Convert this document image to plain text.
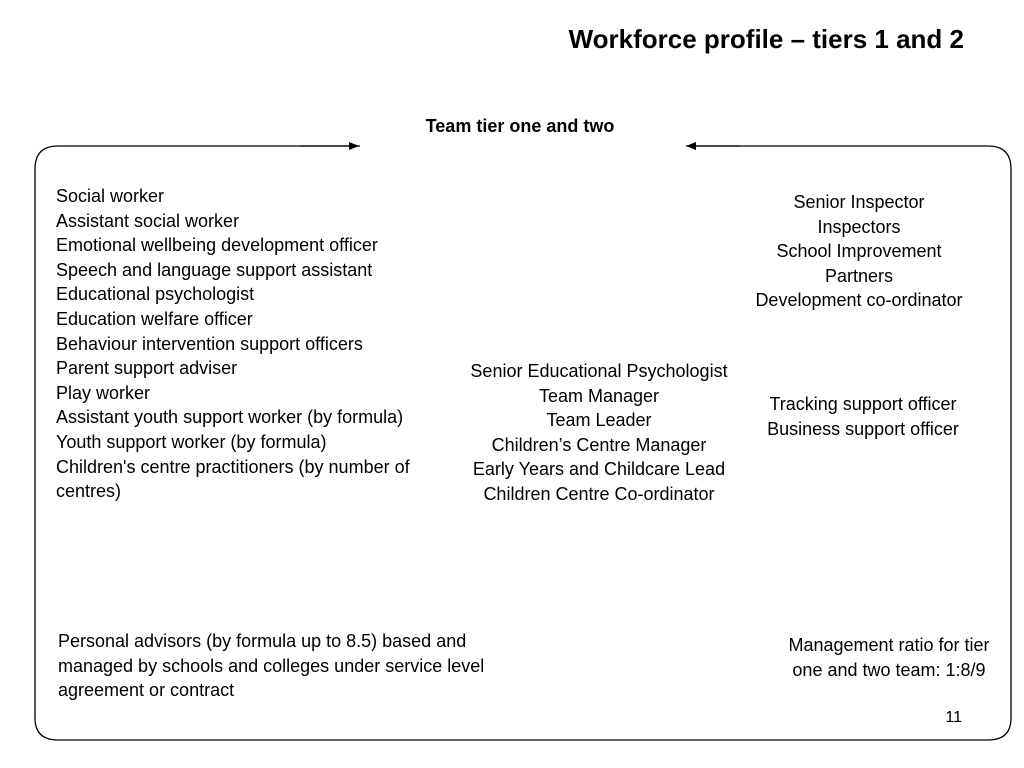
Workforce profile – tiers 1 and 2
Team tier one and two
Social worker
Assistant social worker
Emotional wellbeing development officer
Speech and language support assistant
Educational psychologist
Education welfare officer
Behaviour intervention support officers
Parent support adviser
Play worker
Assistant youth support worker (by formula)
Youth support worker (by formula)
Children's centre practitioners (by number of centres)
Senior Educational Psychologist
Team Manager
Team Leader
Children’s Centre Manager
Early Years and Childcare Lead
Children Centre Co-ordinator
Senior Inspector
Inspectors
School Improvement Partners
Development co-ordinator
Tracking support officer
Business support officer
Personal advisors (by formula up to 8.5) based and managed by schools and colleges under service level agreement or contract
Management ratio for tier one and two team: 1:8/9
11
